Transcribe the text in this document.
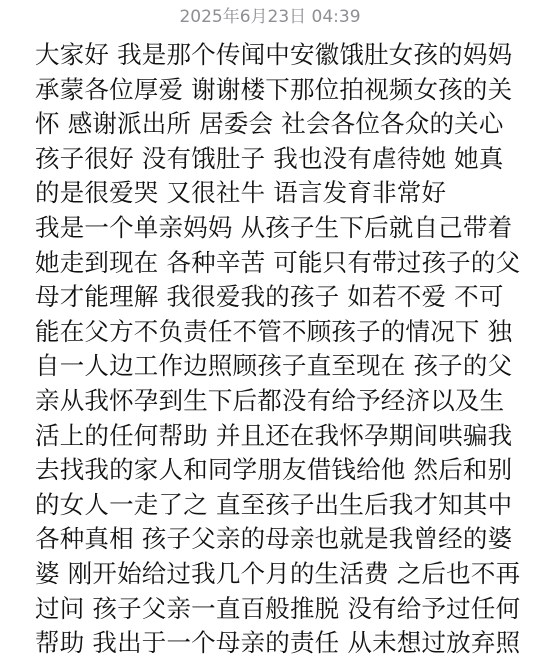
2025年6月23日 04:39
大家好 我是那个传闻中安徽饿肚女孩的妈妈
承蒙各位厚爱 谢谢楼下那位拍视频女孩的关
怀 感谢派出所 居委会 社会各位各众的关心
孩子很好 没有饿肚子 我也没有虐待她 她真
的是很爱哭 又很社牛 语言发育非常好
我是一个单亲妈妈 从孩子生下后就自己带着
她走到现在 各种辛苦 可能只有带过孩子的父
母才能理解 我很爱我的孩子 如若不爱 不可
能在父方不负责任不管不顾孩子的情况下 独
自一人边工作边照顾孩子直至现在 孩子的父
亲从我怀孕到生下后都没有给予经济以及生
活上的任何帮助 并且还在我怀孕期间哄骗我
去找我的家人和同学朋友借钱给他 然后和别
的女人一走了之 直至孩子出生后我才知其中
各种真相 孩子父亲的母亲也就是我曾经的婆
婆 刚开始给过我几个月的生活费 之后也不再
过问 孩子父亲一直百般推脱 没有给予过任何
帮助 我出于一个母亲的责任 从未想过放弃照
